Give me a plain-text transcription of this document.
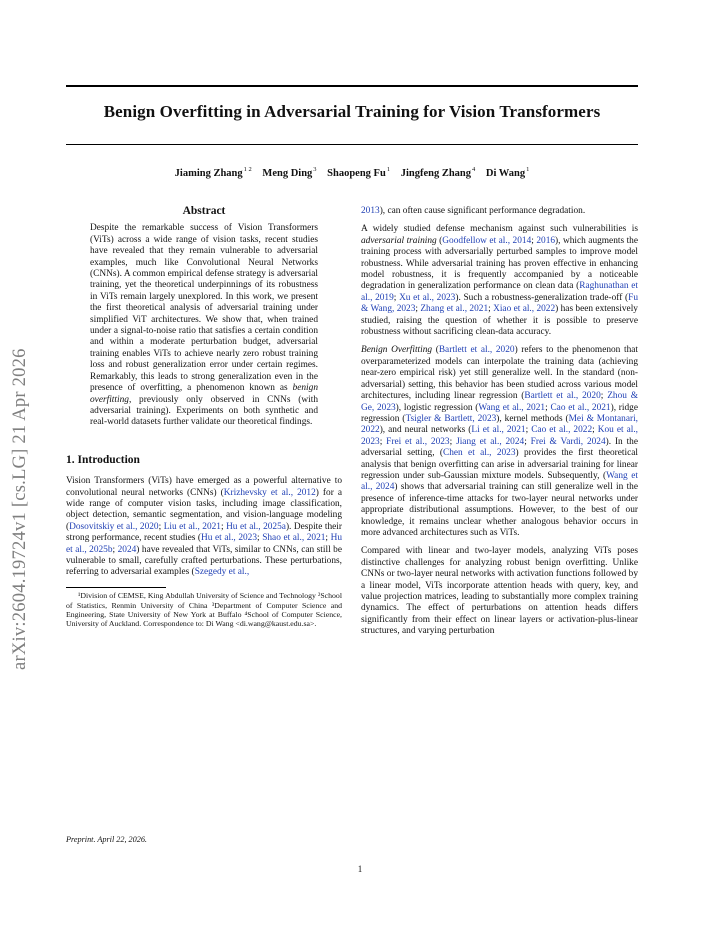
arXiv:2604.19724v1 [cs.LG] 21 Apr 2026
Benign Overfitting in Adversarial Training for Vision Transformers
Jiaming Zhang$^{1 2}$ Meng Ding$^3$ Shaopeng Fu$^1$ Jingfeng Zhang$^4$ Di Wang$^1$
Abstract

Despite the remarkable success of Vision Transformers (ViTs) across a wide range of vision tasks, recent studies have revealed that they remain vulnerable to adversarial examples, much like Convolutional Neural Networks (CNNs). A common empirical defense strategy is adversarial training, yet the theoretical underpinnings of its robustness in ViTs remain largely unexplored. In this work, we present the first theoretical analysis of adversarial training under simplified ViT architectures. We show that, when trained under a signal-to-noise ratio that satisfies a certain condition and within a moderate perturbation budget, adversarial training enables ViTs to achieve nearly zero robust training loss and robust generalization error under certain regimes. Remarkably, this leads to strong generalization even in the presence of overfitting, a phenomenon known as benign overfitting, previously only observed in CNNs (with adversarial training). Experiments on both synthetic and real-world datasets further validate our theoretical findings.

1. Introduction

Vision Transformers (ViTs) have emerged as a powerful alternative to convolutional neural networks (CNNs) (Krizhevsky et al., 2012) for a wide range of computer vision tasks, including image classification, object detection, semantic segmentation, and vision-language modeling (Dosovitskiy et al., 2020; Liu et al., 2021; Hu et al., 2025a). Despite their strong performance, recent studies (Hu et al., 2023; Shao et al., 2021; Hu et al., 2025b; 2024) have revealed that ViTs, similar to CNNs, can still be vulnerable to small, carefully crafted perturbations. These perturbations, referring to adversarial examples (Szegedy et al.,

¹Division of CEMSE, King Abdullah University of Science and Technology ²School of Statistics, Renmin University of China ³Department of Computer Science and Engineering, State University of New York at Buffalo ⁴School of Computer Science, University of Auckland. Correspondence to: Di Wang <di.wang@kaust.edu.sa>.

2013), can often cause significant performance degradation.

A widely studied defense mechanism against such vulnerabilities is adversarial training (Goodfellow et al., 2014; 2016), which augments the training process with adversarially perturbed samples to improve model robustness. While adversarial training has proven effective in enhancing model robustness, it is frequently accompanied by a noticeable degradation in generalization performance on clean data (Raghunathan et al., 2019; Xu et al., 2023). Such a robustness-generalization trade-off (Fu & Wang, 2023; Zhang et al., 2021; Xiao et al., 2022) has been extensively studied, raising the question of whether it is possible to preserve robustness without sacrificing clean-data accuracy.

Benign Overfitting (Bartlett et al., 2020) refers to the phenomenon that overparameterized models can interpolate the training data (achieving near-zero empirical risk) yet still generalize well. In the standard (non-adversarial) setting, this behavior has been studied across various model architectures, including linear regression (Bartlett et al., 2020; Zhou & Ge, 2023), logistic regression (Wang et al., 2021; Cao et al., 2021), ridge regression (Tsigler & Bartlett, 2023), kernel methods (Mei & Montanari, 2022), and neural networks (Li et al., 2021; Cao et al., 2022; Kou et al., 2023; Frei et al., 2023; Jiang et al., 2024; Frei & Vardi, 2024). In the adversarial setting, (Chen et al., 2023) provides the first theoretical analysis that benign overfitting can arise in adversarial training for linear regression under sub-Gaussian mixture models. Subsequently, (Wang et al., 2024) shows that adversarial training can still generalize well in the presence of inference-time attacks for two-layer neural networks under appropriate distributional assumptions. However, to the best of our knowledge, it remains unclear whether analogous behavior occurs in more advanced architectures such as ViTs.

Compared with linear and two-layer models, analyzing ViTs poses distinctive challenges for analyzing robust benign overfitting. Unlike CNNs or two-layer neural networks with activation functions followed by a linear model, ViTs incorporate attention heads with query, key, and value projection matrices, leading to substantially more complex training dynamics. The effect of perturbations on attention heads differs significantly from their effect on linear layers or activation-plus-linear structures, and varying perturbation

Preprint. April 22, 2026.
1
